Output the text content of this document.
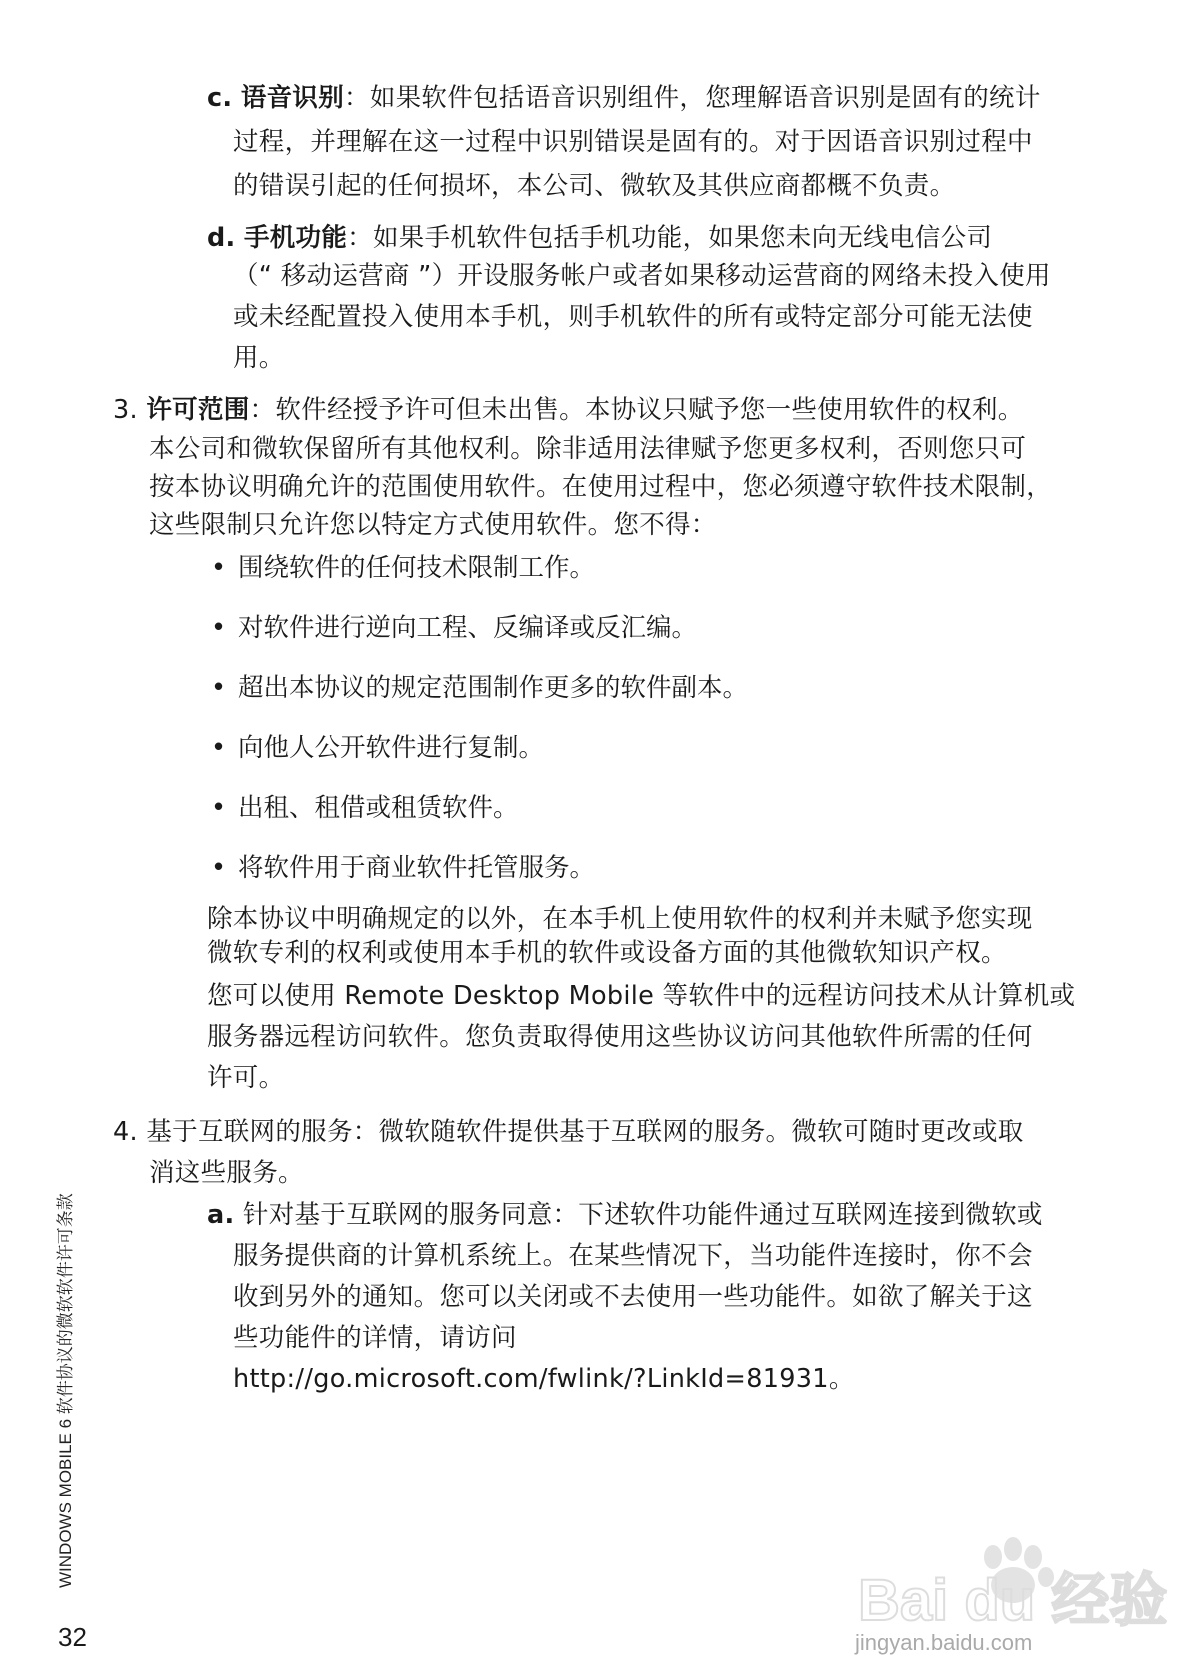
c. 语音识别：如果软件包括语音识别组件，您理解语音识别是固有的统计
过程，并理解在这一过程中识别错误是固有的。对于因语音识别过程中
的错误引起的任何损坏，本公司、微软及其供应商都概不负责。
d. 手机功能：如果手机软件包括手机功能，如果您未向无线电信公司
（“ 移动运营商 ”）开设服务帐户或者如果移动运营商的网络未投入使用
或未经配置投入使用本手机，则手机软件的所有或特定部分可能无法使
用。
3. 许可范围：软件经授予许可但未出售。本协议只赋予您一些使用软件的权利。
本公司和微软保留所有其他权利。除非适用法律赋予您更多权利，否则您只可
按本协议明确允许的范围使用软件。在使用过程中，您必须遵守软件技术限制，
这些限制只允许您以特定方式使用软件。您不得：
• 围绕软件的任何技术限制工作。
• 对软件进行逆向工程、反编译或反汇编。
• 超出本协议的规定范围制作更多的软件副本。
• 向他人公开软件进行复制。
• 出租、租借或租赁软件。
• 将软件用于商业软件托管服务。
除本协议中明确规定的以外，在本手机上使用软件的权利并未赋予您实现
微软专利的权利或使用本手机的软件或设备方面的其他微软知识产权。
您可以使用 Remote Desktop Mobile 等软件中的远程访问技术从计算机或
服务器远程访问软件。您负责取得使用这些协议访问其他软件所需的任何
许可。
4. 基于互联网的服务：微软随软件提供基于互联网的服务。微软可随时更改或取
消这些服务。
a. 针对基于互联网的服务同意：下述软件功能件通过互联网连接到微软或
服务提供商的计算机系统上。在某些情况下，当功能件连接时，你不会
收到另外的通知。您可以关闭或不去使用一些功能件。如欲了解关于这
些功能件的详情，请访问
http://go.microsoft.com/fwlink/?LinkId=81931。
WINDOWS MOBILE 6 软件协议的微软软件许可条款
32
Bai du 经验
jingyan.baidu.com
